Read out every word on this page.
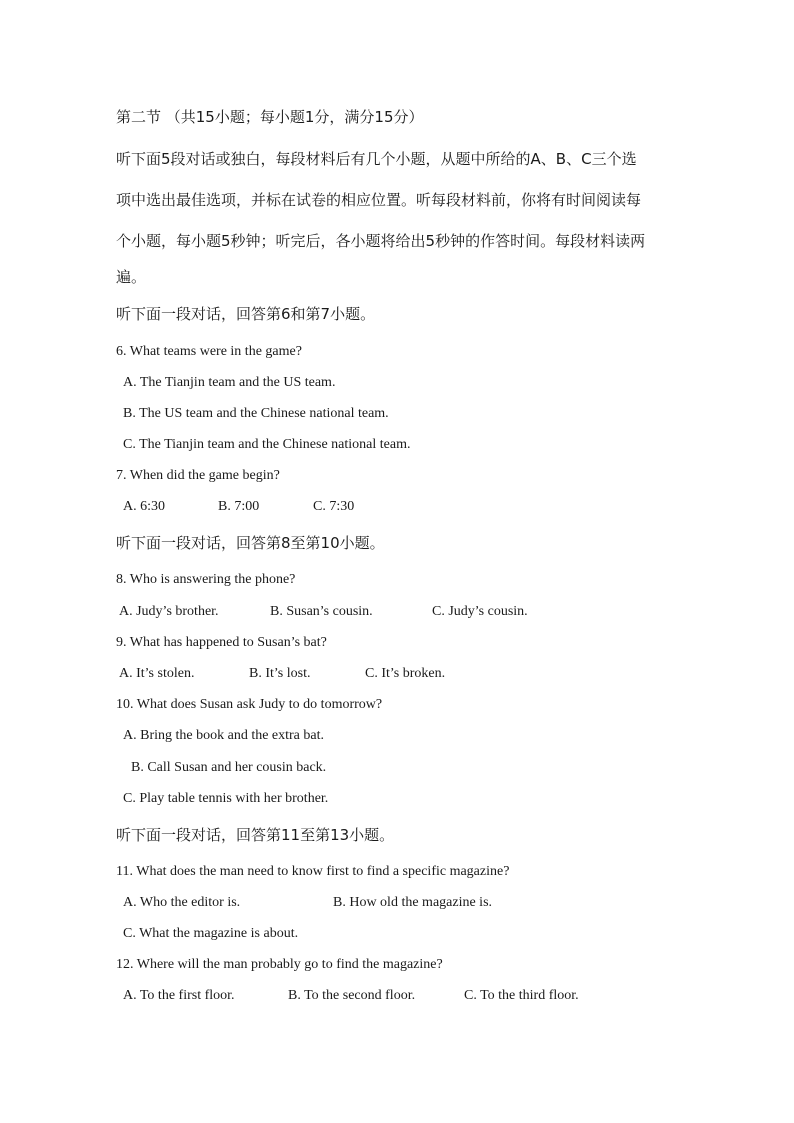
第二节 （共15小题；每小题1分，满分15分）
听下面5段对话或独白，每段材料后有几个小题，从题中所给的A、B、C三个选
项中选出最佳选项，并标在试卷的相应位置。听每段材料前，你将有时间阅读每
个小题，每小题5秒钟；听完后，各小题将给出5秒钟的作答时间。每段材料读两
遍。
听下面一段对话，回答第6和第7小题。
6. What teams were in the game?
A. The Tianjin team and the US team.
B. The US team and the Chinese national team.
C. The Tianjin team and the Chinese national team.
7. When did the game begin?
A. 6:30	B. 7:00	C. 7:30
听下面一段对话，回答第8至第10小题。
8. Who is answering the phone?
A. Judy’s brother.	B. Susan’s cousin.	C. Judy’s cousin.
9. What has happened to Susan’s bat?
A. It’s stolen.	B. It’s lost.	C. It’s broken.
10. What does Susan ask Judy to do tomorrow?
A. Bring the book and the extra bat.
B. Call Susan and her cousin back.
C. Play table tennis with her brother.
听下面一段对话，回答第11至第13小题。
11. What does the man need to know first to find a specific magazine?
A. Who the editor is.	B. How old the magazine is.
C. What the magazine is about.
12. Where will the man probably go to find the magazine?
A. To the first floor.	B. To the second floor.	C. To the third floor.
